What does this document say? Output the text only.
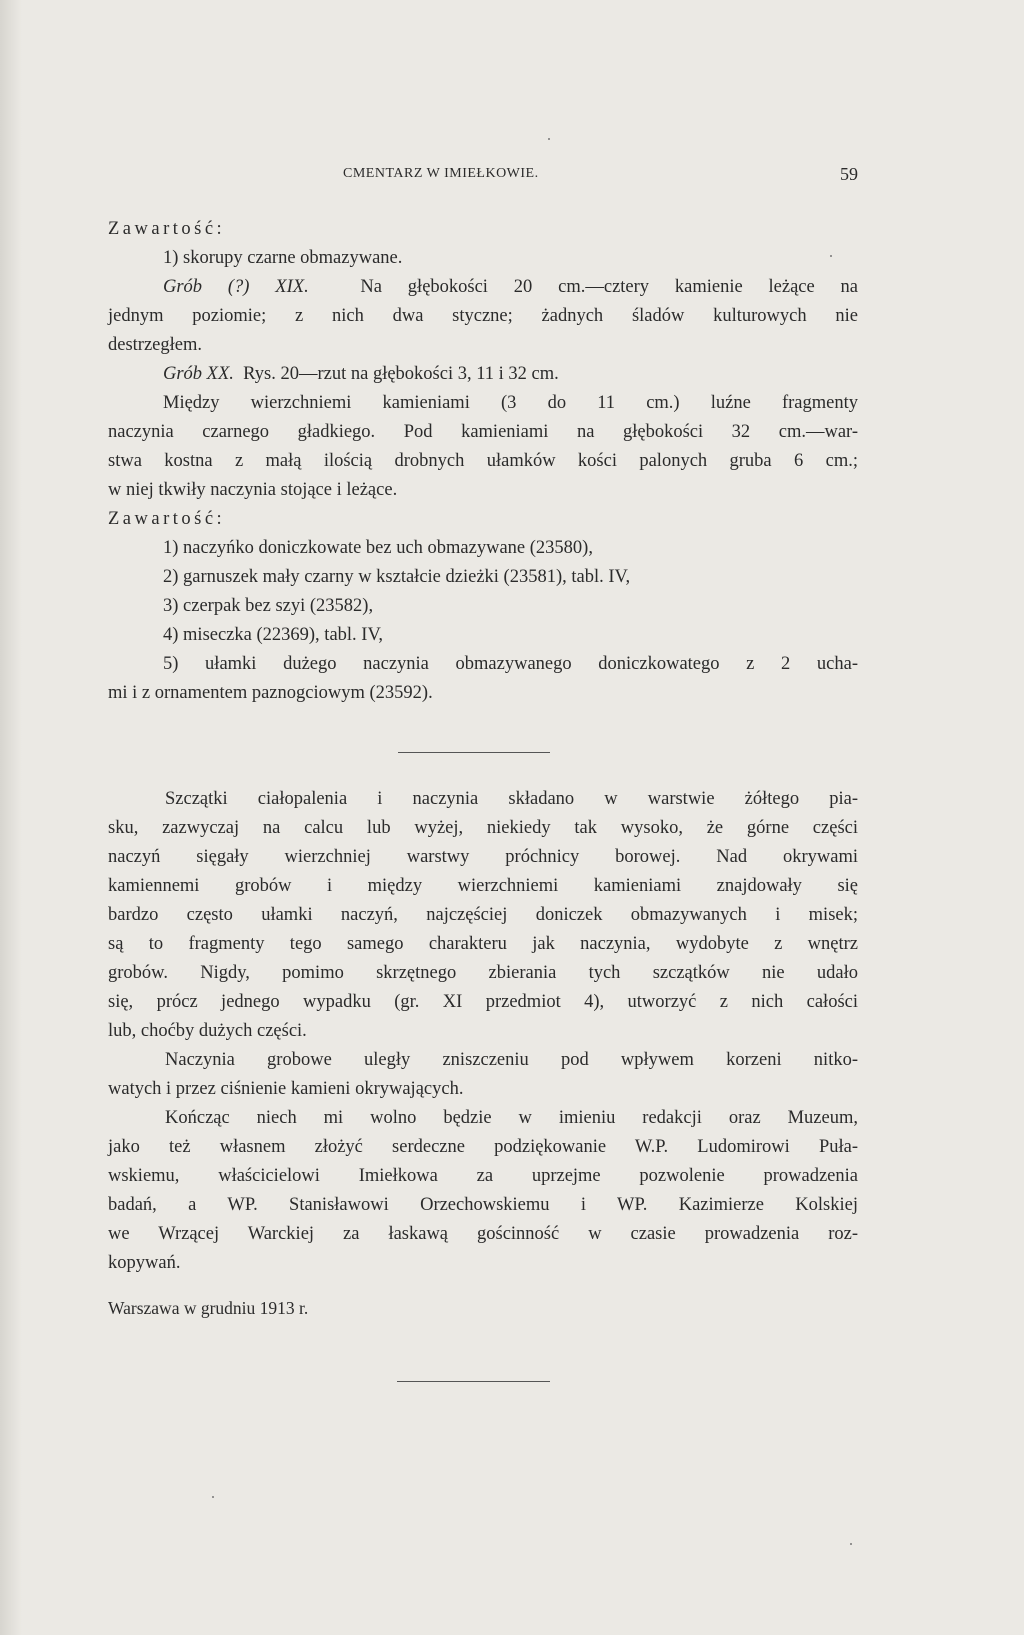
CMENTARZ W IMIEŁKOWIE.	59
Zawartość:
1) skorupy czarne obmazywane.
Grób (?) XIX.	Na głębokości 20 cm.—cztery kamienie leżące na
jednym poziomie; z nich dwa styczne; żadnych śladów kulturowych nie
destrzegłem.
Grób XX. Rys. 20—rzut na głębokości 3, 11 i 32 cm.
Między wierzchniemi kamieniami (3 do 11 cm.) luźne fragmenty
naczynia czarnego gładkiego. Pod kamieniami na głębokości 32 cm.—war-
stwa kostna z małą ilością drobnych ułamków kości palonych gruba 6 cm.;
w niej tkwiły naczynia stojące i leżące.
Zawartość:
1) naczyńko doniczkowate bez uch obmazywane (23580),
2) garnuszek mały czarny w kształcie dzieżki (23581), tabl. IV,
3) czerpak bez szyi (23582),
4) miseczka (22369), tabl. IV,
5) ułamki dużego naczynia obmazywanego doniczkowatego z 2 ucha-
mi i z ornamentem paznogciowym (23592).
Szczątki ciałopalenia i naczynia składano w warstwie żółtego pia-
sku, zazwyczaj na calcu lub wyżej, niekiedy tak wysoko, że górne części
naczyń sięgały wierzchniej warstwy próchnicy borowej. Nad okrywami
kamiennemi grobów i między wierzchniemi kamieniami znajdowały się
bardzo często ułamki naczyń, najczęściej doniczek obmazywanych i misek;
są to fragmenty tego samego charakteru jak naczynia, wydobyte z wnętrz
grobów. Nigdy, pomimo skrzętnego zbierania tych szczątków nie udało
się, prócz jednego wypadku (gr. XI przedmiot 4), utworzyć z nich całości
lub, choćby dużych części.
Naczynia grobowe uległy zniszczeniu pod wpływem korzeni nitko-
watych i przez ciśnienie kamieni okrywających.
Kończąc niech mi wolno będzie w imieniu redakcji oraz Muzeum,
jako też własnem złożyć serdeczne podziękowanie W.P. Ludomirowi Puła-
wskiemu, właścicielowi Imiełkowa za uprzejme pozwolenie prowadzenia
badań, a WP. Stanisławowi Orzechowskiemu i WP. Kazimierze Kolskiej
we Wrzącej Warckiej za łaskawą gościnność w czasie prowadzenia roz-
kopywań.
Warszawa w grudniu 1913 r.
